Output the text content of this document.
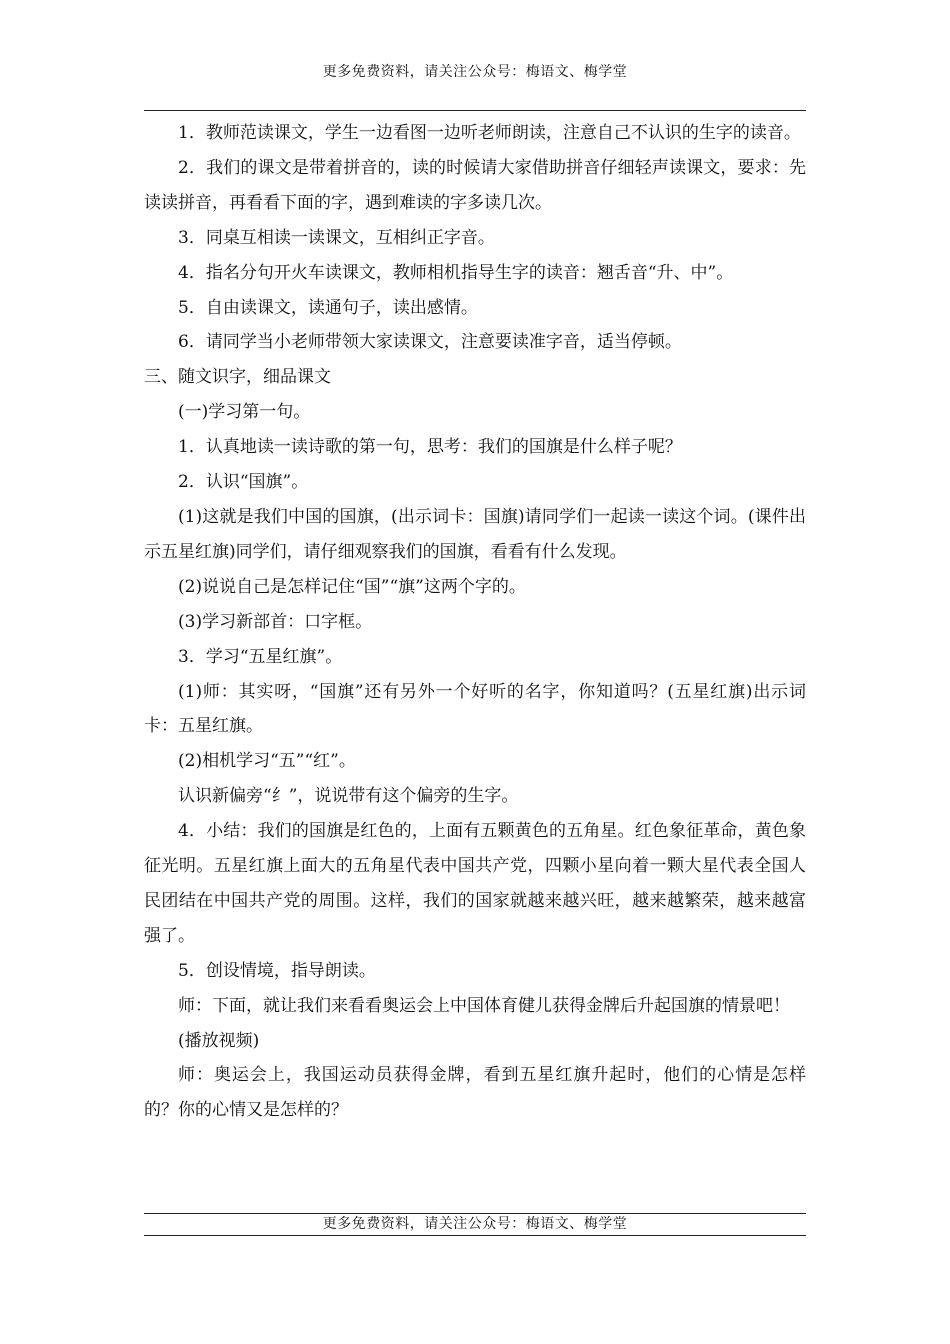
更多免费资料，请关注公众号：梅语文、梅学堂

1．教师范读课文，学生一边看图一边听老师朗读，注意自己不认识的生字的读音。

2．我们的课文是带着拼音的，读的时候请大家借助拼音仔细轻声读课文，要求：先读读拼音，再看看下面的字，遇到难读的字多读几次。

3．同桌互相读一读课文，互相纠正字音。

4．指名分句开火车读课文，教师相机指导生字的读音：翘舌音“升、中”。

5．自由读课文，读通句子，读出感情。

6．请同学当小老师带领大家读课文，注意要读准字音，适当停顿。

三、随文识字，细品课文

(一)学习第一句。

1．认真地读一读诗歌的第一句，思考：我们的国旗是什么样子呢？

2．认识“国旗”。

(1)这就是我们中国的国旗，(出示词卡：国旗)请同学们一起读一读这个词。(课件出示五星红旗)同学们，请仔细观察我们的国旗，看看有什么发现。

(2)说说自己是怎样记住“国”“旗”这两个字的。

(3)学习新部首：口字框。

3．学习“五星红旗”。

(1)师：其实呀，“国旗”还有另外一个好听的名字，你知道吗？(五星红旗)出示词卡：五星红旗。

(2)相机学习“五”“红”。

认识新偏旁“纟”，说说带有这个偏旁的生字。

4．小结：我们的国旗是红色的，上面有五颗黄色的五角星。红色象征革命，黄色象征光明。五星红旗上面大的五角星代表中国共产党，四颗小星向着一颗大星代表全国人民团结在中国共产党的周围。这样，我们的国家就越来越兴旺，越来越繁荣，越来越富强了。

5．创设情境，指导朗读。

师：下面，就让我们来看看奥运会上中国体育健儿获得金牌后升起国旗的情景吧！

(播放视频)

师：奥运会上，我国运动员获得金牌，看到五星红旗升起时，他们的心情是怎样的？你的心情又是怎样的？

更多免费资料，请关注公众号：梅语文、梅学堂
